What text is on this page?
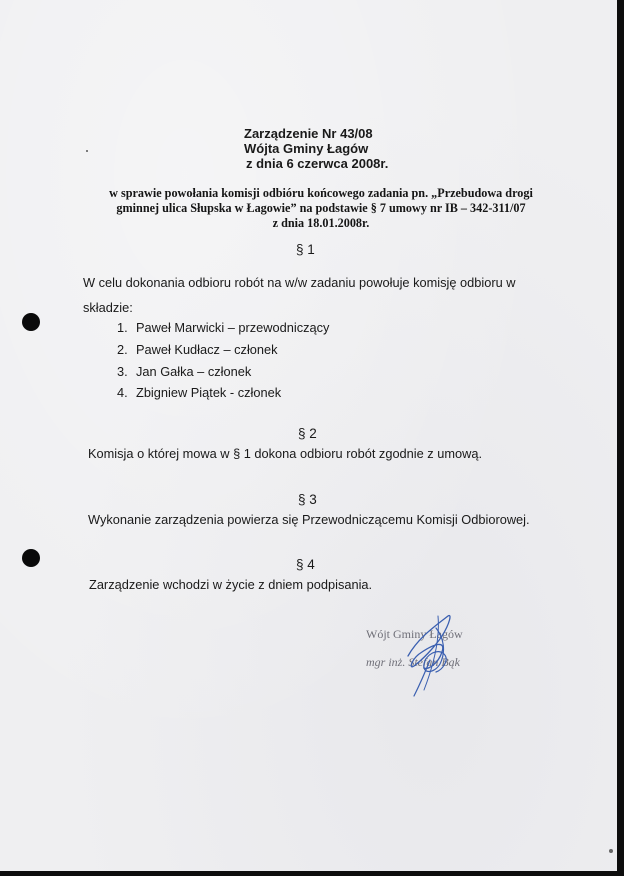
Zarządzenie Nr 43/08
Wójta Gminy Łagów
z dnia 6 czerwca 2008r.
w sprawie powołania komisji odbióru końcowego zadania pn. „Przebudowa drogi
gminnej ulica Słupska w Łagowie” na podstawie § 7 umowy nr IB – 342-311/07
z dnia 18.01.2008r.
§ 1
W celu dokonania odbioru robót na w/w zadaniu powołuje komisję odbioru w
składzie:
1. Paweł Marwicki – przewodniczący
2. Paweł Kudłacz – członek
3. Jan Gałka – członek
4. Zbigniew Piątek - członek
§ 2
Komisja o której mowa w § 1 dokona odbioru robót zgodnie z umową.
§ 3
Wykonanie zarządzenia powierza się Przewodniczącemu Komisji Odbiorowej.
§ 4
Zarządzenie wchodzi w życie z dniem podpisania.
Wójt Gminy Łagów
mgr inż. Stefan Bąk
